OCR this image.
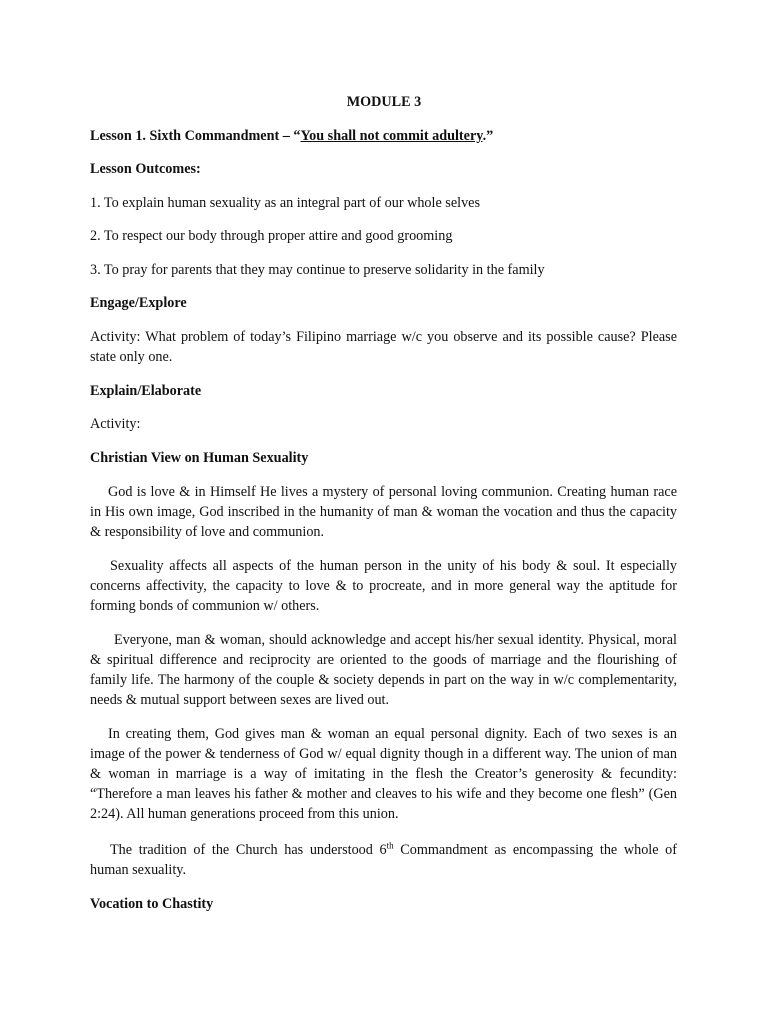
MODULE 3

Lesson 1. Sixth Commandment – “You shall not commit adultery.”

Lesson Outcomes:

1. To explain human sexuality as an integral part of our whole selves

2. To respect our body through proper attire and good grooming

3. To pray for parents that they may continue to preserve solidarity in the family

Engage/Explore

Activity: What problem of today’s Filipino marriage w/c you observe and its possible cause? Please state only one.

Explain/Elaborate

Activity:

Christian View on Human Sexuality

God is love & in Himself He lives a mystery of personal loving communion. Creating human race in His own image, God inscribed in the humanity of man & woman the vocation and thus the capacity & responsibility of love and communion.

Sexuality affects all aspects of the human person in the unity of his body & soul. It especially concerns affectivity, the capacity to love & to procreate, and in more general way the aptitude for forming bonds of communion w/ others.

Everyone, man & woman, should acknowledge and accept his/her sexual identity. Physical, moral & spiritual difference and reciprocity are oriented to the goods of marriage and the flourishing of family life. The harmony of the couple & society depends in part on the way in w/c complementarity, needs & mutual support between sexes are lived out.

In creating them, God gives man & woman an equal personal dignity. Each of two sexes is an image of the power & tenderness of God w/ equal dignity though in a different way. The union of man & woman in marriage is a way of imitating in the flesh the Creator’s generosity & fecundity: “Therefore a man leaves his father & mother and cleaves to his wife and they become one flesh” (Gen 2:24). All human generations proceed from this union.

The tradition of the Church has understood 6th Commandment as encompassing the whole of human sexuality.

Vocation to Chastity
